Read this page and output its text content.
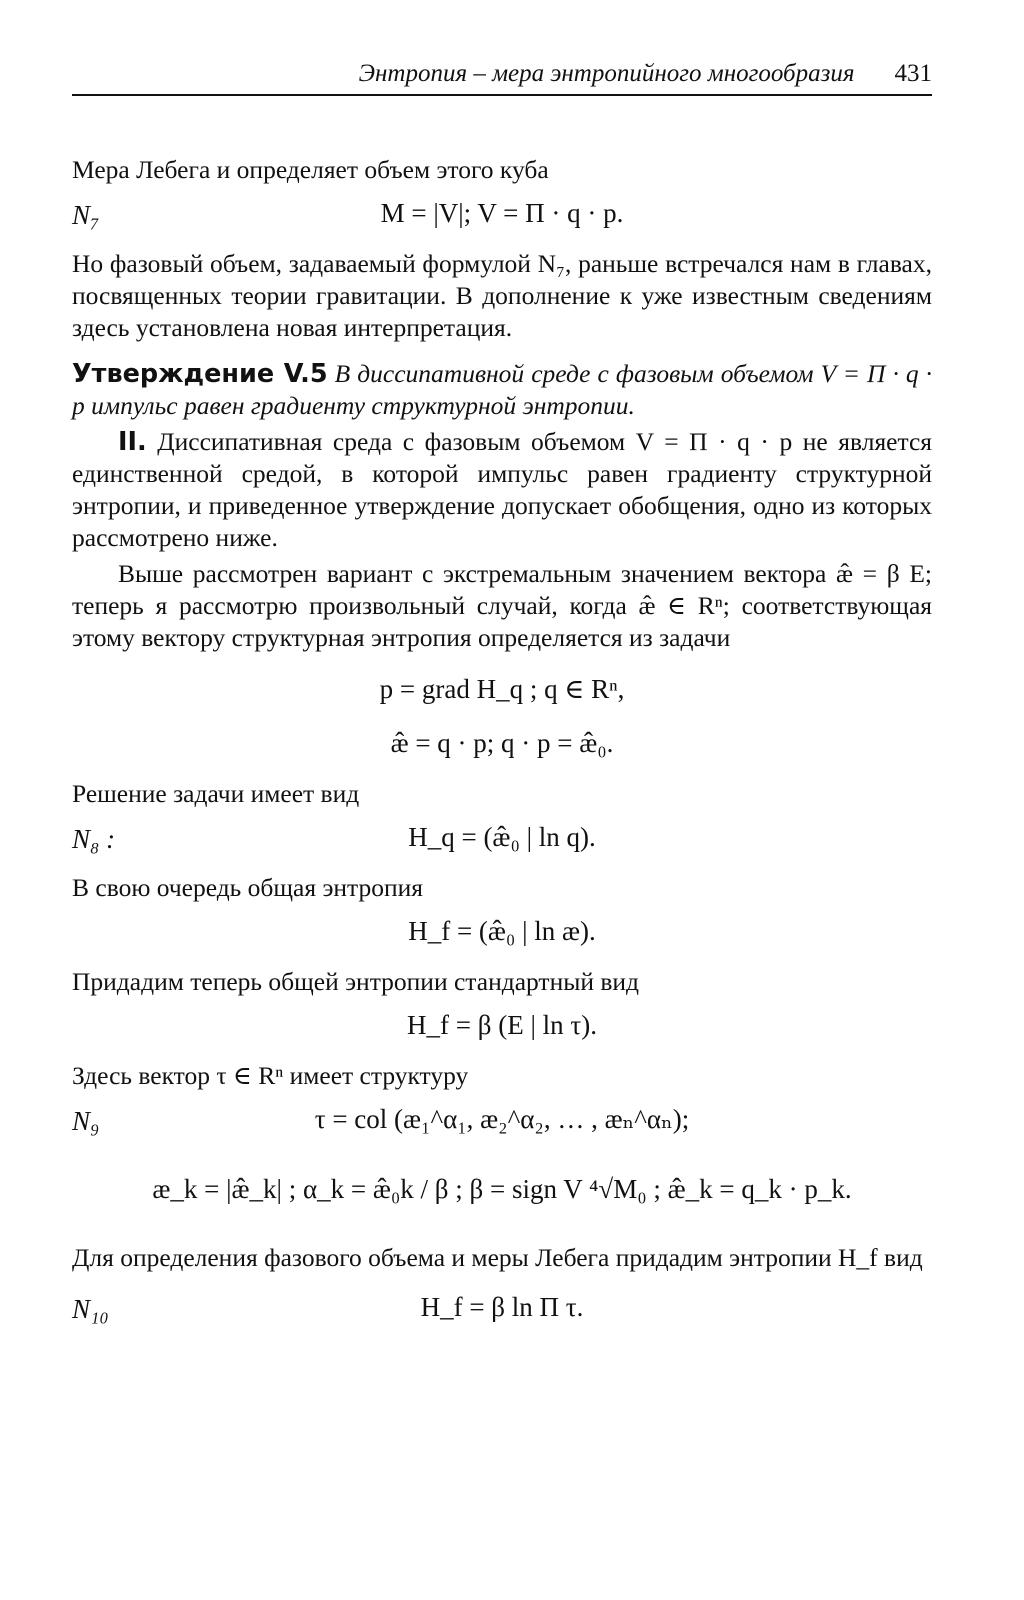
Энтропия – мера энтропийного многообразия 431

Мера Лебега и определяет объем этого куба

N₇	M = |V|; V = Π · q · p.

Но фазовый объем, задаваемый формулой N₇, раньше встречался нам в главах, посвященных теории гравитации. В дополнение к уже известным сведениям здесь установлена новая интерпретация.

Утверждение V.5 В диссипативной среде с фазовым объемом V = Π · q · p импульс равен градиенту структурной энтропии.

II. Диссипативная среда с фазовым объемом V = Π · q · p не является единственной средой, в которой импульс равен градиенту структурной энтропии, и приведенное утверждение допускает обобщения, одно из которых рассмотрено ниже.

Выше рассмотрен вариант с экстремальным значением вектора æ̂ = β E; теперь я рассмотрю произвольный случай, когда æ̂ ∈ Rⁿ; соответствующая этому вектору структурная энтропия определяется из задачи

p = grad H_q ; q ∈ Rⁿ,
æ̂ = q · p; q · p = æ̂₀.

Решение задачи имеет вид

N₈ :	H_q = (æ̂₀ | ln q).

В свою очередь общая энтропия

H_f = (æ̂₀ | ln æ).

Придадим теперь общей энтропии стандартный вид

H_f = β (E | ln τ).

Здесь вектор τ ∈ Rⁿ имеет структуру

N₉	τ = col (æ₁^α₁, æ₂^α₂, … , æₙ^αₙ);
æ_k = |æ̂_k| ; α_k = æ̂₀k / β ; β = sign V ⁴√M₀ ; æ̂_k = q_k · p_k.

Для определения фазового объема и меры Лебега придадим энтропии H_f вид

N₁₀	H_f = β ln Π τ.
